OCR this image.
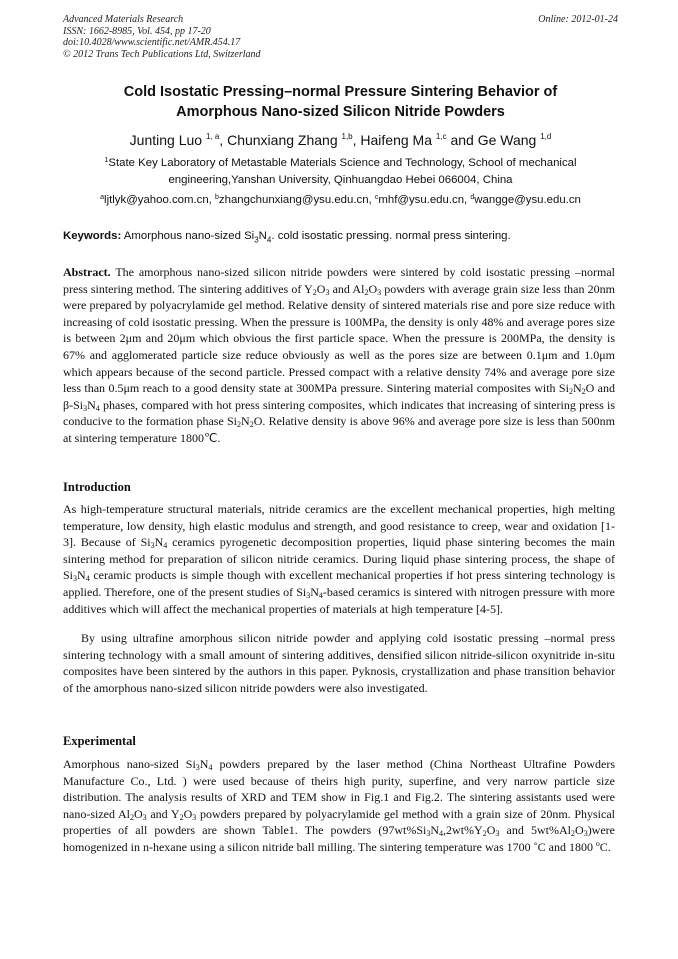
Advanced Materials Research
ISSN: 1662-8985, Vol. 454, pp 17-20
doi:10.4028/www.scientific.net/AMR.454.17
© 2012 Trans Tech Publications Ltd, Switzerland
Online: 2012-01-24
Cold Isostatic Pressing–normal Pressure Sintering Behavior of
Amorphous Nano-sized Silicon Nitride Powders
Junting Luo $^{1, a}$, Chunxiang Zhang $^{1,b}$, Haifeng Ma $^{1,c}$ and Ge Wang $^{1,d}$
$^1$State Key Laboratory of Metastable Materials Science and Technology, School of mechanical
engineering,Yanshan University, Qinhuangdao Hebei 066004, China
$^a$ljtlyk@yahoo.com.cn, $^b$zhangchunxiang@ysu.edu.cn, $^c$mhf@ysu.edu.cn, $^d$wangge@ysu.edu.cn
Keywords: Amorphous nano-sized $Si_3N_4$. cold isostatic pressing. normal press sintering.
Abstract. The amorphous nano-sized silicon nitride powders were sintered by cold isostatic pressing –normal press sintering method. The sintering additives of $Y_2O_3$ and $Al_2O_3$ powders with average grain size less than 20nm were prepared by polyacrylamide gel method. Relative density of sintered materials rise and pore size reduce with increasing of cold isostatic pressing. When the pressure is 100MPa, the density is only 48% and average pores size is between 2μm and 20μm which obvious the first particle space. When the pressure is 200MPa, the density is 67% and agglomerated particle size reduce obviously as well as the pores size are between 0.1μm and 1.0μm which appears because of the second particle. Pressed compact with a relative density 74% and average pore size less than 0.5μm reach to a good density state at 300MPa pressure. Sintering material composites with $Si_2N_2O$ and $\beta-Si_3N_4$ phases, compared with hot press sintering composites, which indicates that increasing of sintering press is conducive to the formation phase $Si_2N_2O$. Relative density is above 96% and average pore size is less than 500nm at sintering temperature 1800℃.
Introduction
As high-temperature structural materials, nitride ceramics are the excellent mechanical properties, high melting temperature, low density, high elastic modulus and strength, and good resistance to creep, wear and oxidation [1-3]. Because of $Si_3N_4$ ceramics pyrogenetic decomposition properties, liquid phase sintering becomes the main sintering method for preparation of silicon nitride ceramics. During liquid phase sintering process, the shape of $Si_3N_4$ ceramic products is simple though with excellent mechanical properties if hot press sintering technology is applied. Therefore, one of the present studies of $Si_3N_4$-based ceramics is sintered with nitrogen pressure with more additives which will affect the mechanical properties of materials at high temperature [4-5].
By using ultrafine amorphous silicon nitride powder and applying cold isostatic pressing –normal press sintering technology with a small amount of sintering additives, densified silicon nitride-silicon oxynitride in-situ composites have been sintered by the authors in this paper. Pyknosis, crystallization and phase transition behavior of the amorphous nano-sized silicon nitride powders were also investigated.
Experimental
Amorphous nano-sized $Si_3N_4$ powders prepared by the laser method (China Northeast Ultrafine Powders Manufacture Co., Ltd. ) were used because of theirs high purity, superfine, and very narrow particle size distribution. The analysis results of XRD and TEM show in Fig.1 and Fig.2. The sintering assistants used were nano-sized $Al_2O_3$ and $Y_2O_3$ powders prepared by polyacrylamide gel method with a grain size of 20nm. Physical properties of all powders are shown Table1. The powders ($97wt\%Si_3N_4,2wt\%Y_2O_3$ and $5wt\%Al_2O_3)were$ homogenized in n-hexane using a silicon nitride ball milling. The sintering temperature was 1700 ˚C and 1800 ºC.
